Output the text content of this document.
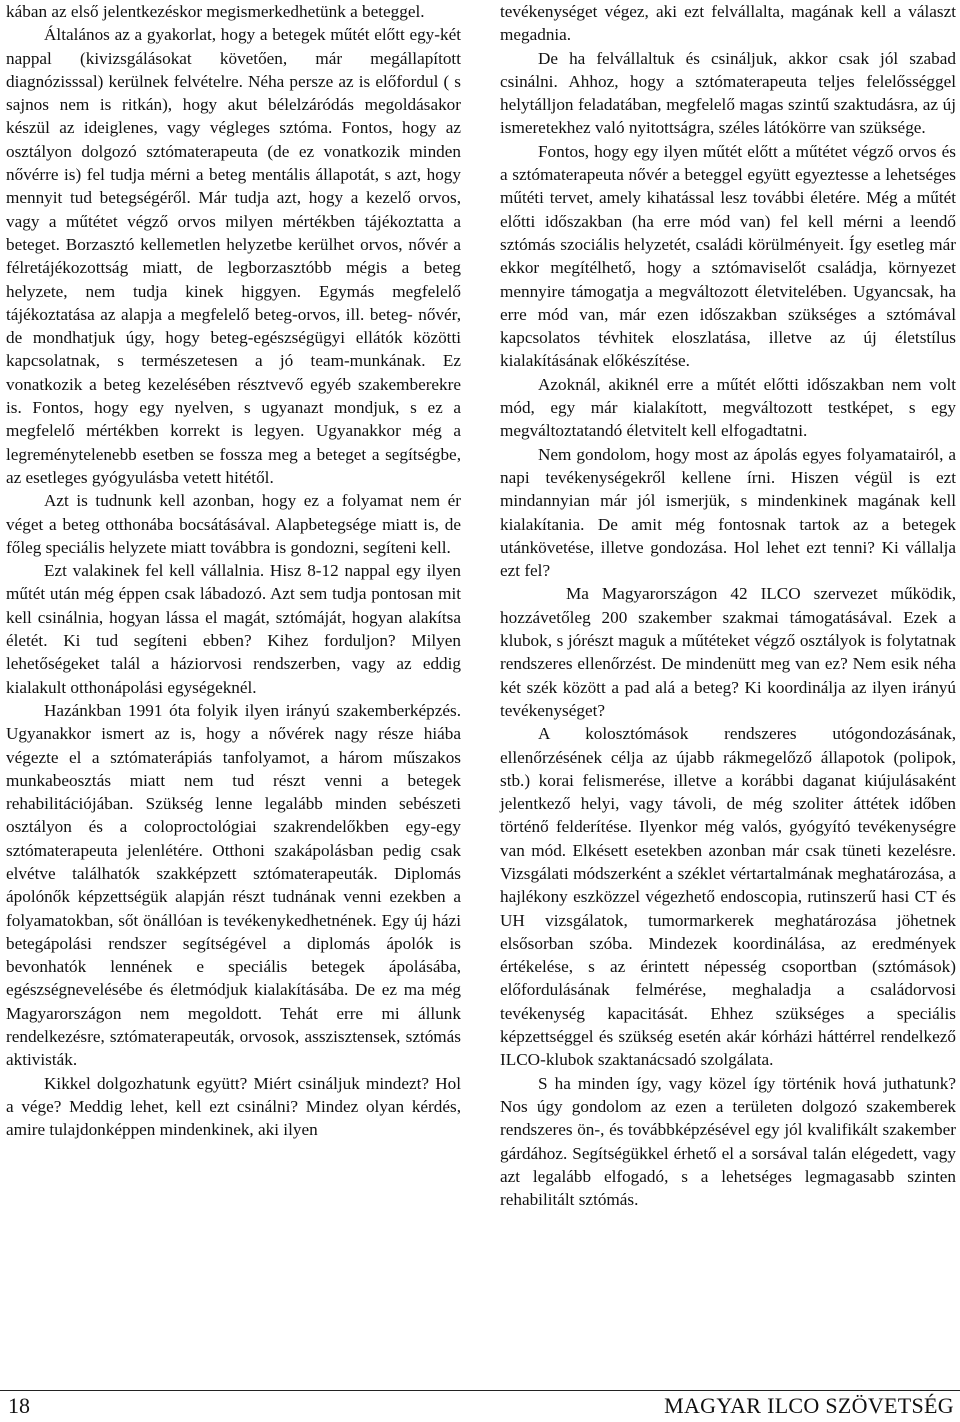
kában az első jelentkezéskor megismerkedhetünk a beteggel.

Általános az a gyakorlat, hogy a betegek műtét előtt egy-két nappal (kivizsgálásokat követően, már megállapított diagnózisssal) kerülnek felvételre. Néha persze az is előfordul ( s sajnos nem is ritkán), hogy akut bélelzáródás megoldásakor készül az ideiglenes, vagy végleges sztóma. Fontos, hogy az osztályon dolgozó sztómaterapeuta (de ez vonatkozik minden nővérre is) fel tudja mérni a beteg mentális állapotát, s azt, hogy mennyit tud betegségéről. Már tudja azt, hogy a kezelő orvos, vagy a műtétet végző orvos milyen mértékben tájékoztatta a beteget. Borzasztó kellemetlen helyzetbe kerülhet orvos, nővér a félretájékozottság miatt, de legborzasztóbb mégis a beteg helyzete, nem tudja kinek higgyen. Egymás megfelelő tájékoztatása az alapja a megfelelő beteg-orvos, ill. beteg- nővér, de mondhatjuk úgy, hogy beteg-egészségügyi ellátók közötti kapcsolatnak, s természetesen a jó team-munkának. Ez vonatkozik a beteg kezelésében résztvevő egyéb szakemberekre is. Fontos, hogy egy nyelven, s ugyanazt mondjuk, s ez a megfelelő mértékben korrekt is legyen. Ugyanakkor még a legreménytelenebb esetben se fossza meg a beteget a segítségbe, az esetleges gyógyulásba vetett hitétől.

Azt is tudnunk kell azonban, hogy ez a folyamat nem ér véget a beteg otthonába bocsátásával. Alapbetegsége miatt is, de főleg speciális helyzete miatt továbbra is gondozni, segíteni kell.

Ezt valakinek fel kell vállalnia. Hisz 8-12 nappal egy ilyen műtét után még éppen csak lábadozó. Azt sem tudja pontosan mit kell csinálnia, hogyan lássa el magát, sztómáját, hogyan alakítsa életét. Ki tud segíteni ebben? Kihez forduljon? Milyen lehetőségeket talál a háziorvosi rendszerben, vagy az eddig kialakult otthonápolási egységeknél.

Hazánkban 1991 óta folyik ilyen irányú szakemberképzés. Ugyanakkor ismert az is, hogy a nővérek nagy része hiába végezte el a sztómaterápiás tanfolyamot, a három műszakos munkabeosztás miatt nem tud részt venni a betegek rehabilitációjában. Szükség lenne legalább minden sebészeti osztályon és a coloproctológiai szakrendelőkben egy-egy sztómaterapeuta jelenlétére. Otthoni szakápolásban pedig csak elvétve találhatók szakképzett sztómaterapeuták. Diplomás ápolónők képzettségük alapján részt tudnának venni ezekben a folyamatokban, sőt önállóan is tevékenykedhetnének. Egy új házi betegápolási rendszer segítségével a diplomás ápolók is bevonhatók lennének e speciális betegek ápolásába, egészségnevelésébe és életmódjuk kialakításába. De ez ma még Magyarországon nem megoldott. Tehát erre mi állunk rendelkezésre, sztómaterapeuták, orvosok, asszisztensek, sztómás aktivisták.

Kikkel dolgozhatunk együtt? Miért csináljuk mindezt? Hol a vége? Meddig lehet, kell ezt csinálni? Mindez olyan kérdés, amire tulajdonképpen mindenkinek, aki ilyen

tevékenységet végez, aki ezt felvállalta, magának kell a választ megadnia.

De ha felvállaltuk és csináljuk, akkor csak jól szabad csinálni. Ahhoz, hogy a sztómaterapeuta teljes felelősséggel helytálljon feladatában, megfelelő magas szintű szaktudásra, az új ismeretekhez való nyitottságra, széles látókörre van szüksége.

Fontos, hogy egy ilyen műtét előtt a műtétet végző orvos és a sztómaterapeuta nővér a beteggel együtt egyeztesse a lehetséges műtéti tervet, amely kihatással lesz további életére. Még a műtét előtti időszakban (ha erre mód van) fel kell mérni a leendő sztómás szociális helyzetét, családi körülményeit. Így esetleg már ekkor megítélhető, hogy a sztómaviselőt családja, környezet mennyire támogatja a megváltozott életvitelében. Ugyancsak, ha erre mód van, már ezen időszakban szükséges a sztómával kapcsolatos tévhitek eloszlatása, illetve az új életstílus kialakításának előkészítése.

Azoknál, akiknél erre a műtét előtti időszakban nem volt mód, egy már kialakított, megváltozott testképet, s egy megváltoztatandó életvitelt kell elfogadtatni.

Nem gondolom, hogy most az ápolás egyes folyamatairól, a napi tevékenységekről kellene írni. Hiszen végül is ezt mindannyian már jól ismerjük, s mindenkinek magának kell kialakítania. De amit még fontosnak tartok az a betegek utánkövetése, illetve gondozása. Hol lehet ezt tenni? Ki vállalja ezt fel?

Ma Magyarországon 42 ILCO szervezet működik, hozzávetőleg 200 szakember szakmai támogatásával. Ezek a klubok, s jórészt maguk a műtéteket végző osztályok is folytatnak rendszeres ellenőrzést. De mindenütt meg van ez? Nem esik néha két szék között a pad alá a beteg? Ki koordinálja az ilyen irányú tevékenységet?

A kolosztómások rendszeres utógondozásának, ellenőrzésének célja az újabb rákmegelőző állapotok (polipok, stb.) korai felismerése, illetve a korábbi daganat kiújulásaként jelentkező helyi, vagy távoli, de még szoliter áttétek időben történő felderítése. Ilyenkor még valós, gyógyító tevékenységre van mód. Elkésett esetekben azonban már csak tüneti kezelésre. Vizsgálati módszerként a széklet vértartalmának meghatározása, a hajlékony eszközzel végezhető endoscopia, rutinszerű hasi CT és UH vizsgálatok, tumormarkerek meghatározása jöhetnek elsősorban szóba. Mindezek koordinálása, az eredmények értékelése, s az érintett népesség csoportban (sztómások) előfordulásának felmérése, meghaladja a családorvosi tevékenység kapacitását. Ehhez szükséges a speciális képzettséggel és szükség esetén akár kórházi háttérrel rendelkező ILCO-klubok szaktanácsadó szolgálata.

S ha minden így, vagy közel így történik hová juthatunk? Nos úgy gondolom az ezen a területen dolgozó szakemberek rendszeres ön-, és továbbképzésével egy jól kvalifikált szakember gárdához. Segítségükkel érhető el a sorsával talán elégedett, vagy azt legalább elfogadó, s a lehetséges legmagasabb szinten rehabilitált sztómás.

18	MAGYAR ILCO SZÖVETSÉG
